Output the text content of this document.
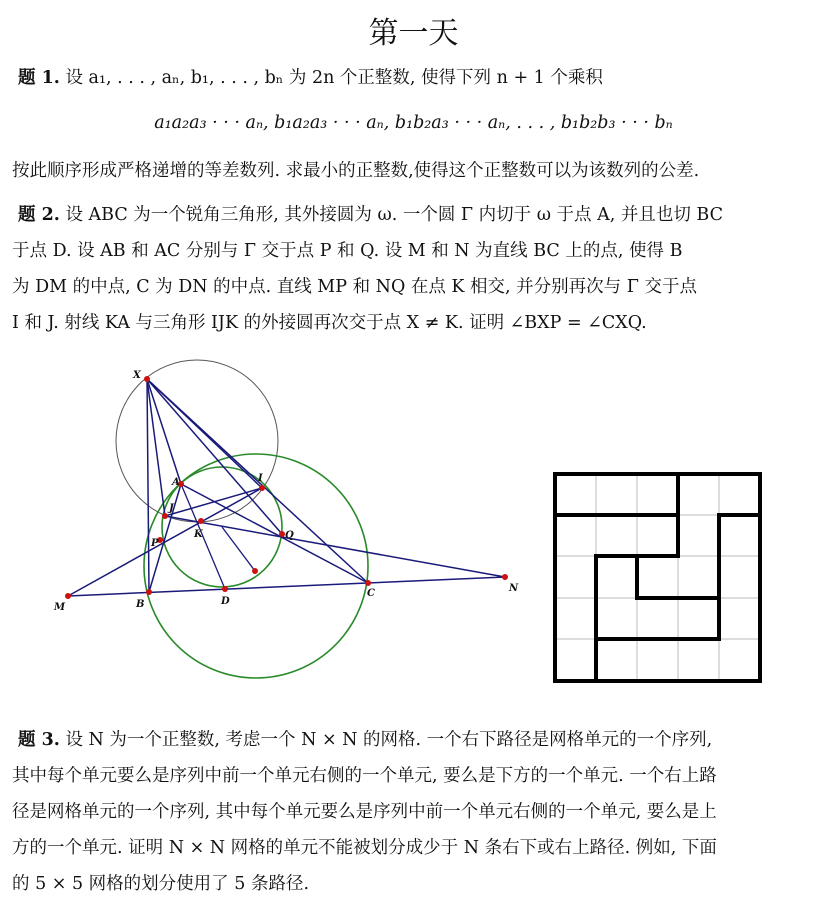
第一天
题 1. 设 a₁, . . . , aₙ, b₁, . . . , bₙ 为 2n 个正整数, 使得下列 n + 1 个乘积
a₁a₂a₃ · · · aₙ, b₁a₂a₃ · · · aₙ, b₁b₂a₃ · · · aₙ, . . . , b₁b₂b₃ · · · bₙ
按此顺序形成严格递增的等差数列. 求最小的正整数,使得这个正整数可以为该数列的公差.
题 2. 设 ABC 为一个锐角三角形, 其外接圆为 ω. 一个圆 Γ 内切于 ω 于点 A, 并且也切 BC
于点 D. 设 AB 和 AC 分别与 Γ 交于点 P 和 Q. 设 M 和 N 为直线 BC 上的点, 使得 B
为 DM 的中点, C 为 DN 的中点. 直线 MP 和 NQ 在点 K 相交, 并分别再次与 Γ 交于点
I 和 J. 射线 KA 与三角形 IJK 的外接圆再次交于点 X ≠ K. 证明 ∠BXP = ∠CXQ.
X
A	I
J
K
P
Q
M	B	D
C	N
题 3. 设 N 为一个正整数, 考虑一个 N × N 的网格. 一个右下路径是网格单元的一个序列,
其中每个单元要么是序列中前一个单元右侧的一个单元, 要么是下方的一个单元. 一个右上路
径是网格单元的一个序列, 其中每个单元要么是序列中前一个单元右侧的一个单元, 要么是上
方的一个单元. 证明 N × N 网格的单元不能被划分成少于 N 条右下或右上路径. 例如, 下面
的 5 × 5 网格的划分使用了 5 条路径.
